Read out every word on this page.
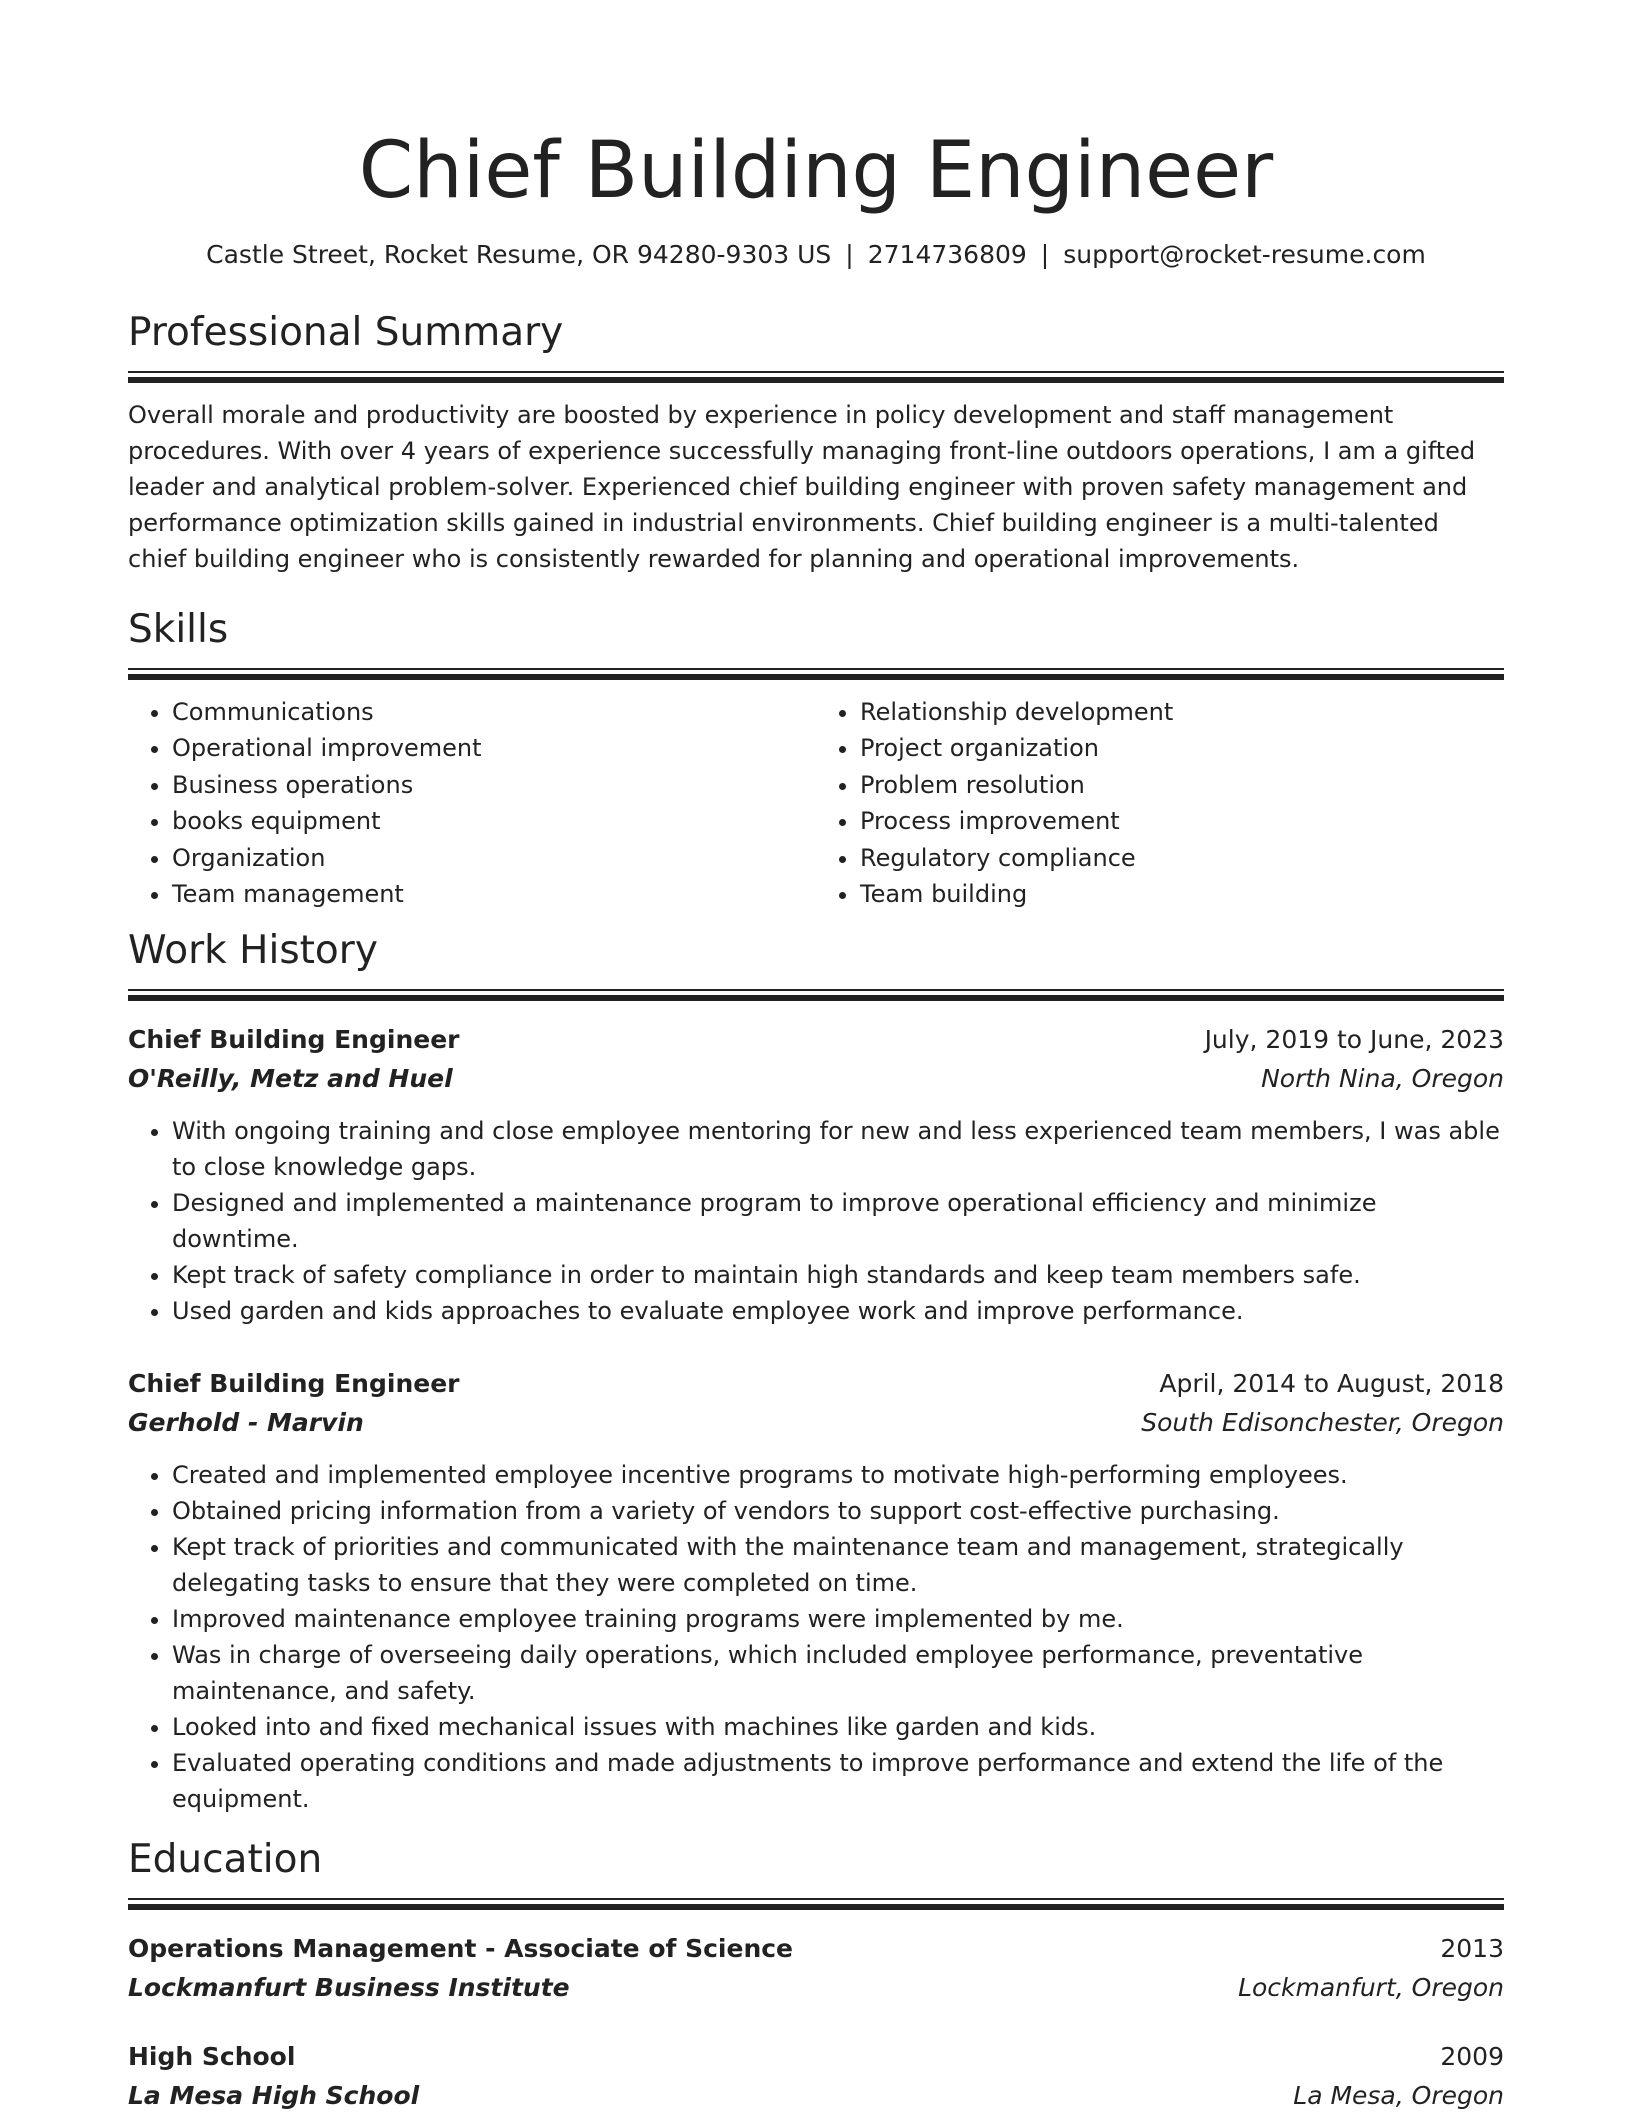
Chief Building Engineer
Castle Street, Rocket Resume, OR 94280-9303 US | 2714736809 | support@rocket-resume.com
Professional Summary

Overall morale and productivity are boosted by experience in policy development and staff management procedures. With over 4 years of experience successfully managing front-line outdoors operations, I am a gifted leader and analytical problem-solver. Experienced chief building engineer with proven safety management and performance optimization skills gained in industrial environments. Chief building engineer is a multi-talented chief building engineer who is consistently rewarded for planning and operational improvements.

Skills
• Communications
• Operational improvement
• Business operations
• books equipment
• Organization
• Team management
• Relationship development
• Project organization
• Problem resolution
• Process improvement
• Regulatory compliance
• Team building
Work History
Chief Building Engineer	July, 2019 to June, 2023
O'Reilly, Metz and Huel	North Nina, Oregon
• With ongoing training and close employee mentoring for new and less experienced team members, I was able to close knowledge gaps.
• Designed and implemented a maintenance program to improve operational efficiency and minimize downtime.
• Kept track of safety compliance in order to maintain high standards and keep team members safe.
• Used garden and kids approaches to evaluate employee work and improve performance.
Chief Building Engineer	April, 2014 to August, 2018
Gerhold - Marvin	South Edisonchester, Oregon
• Created and implemented employee incentive programs to motivate high-performing employees.
• Obtained pricing information from a variety of vendors to support cost-effective purchasing.
• Kept track of priorities and communicated with the maintenance team and management, strategically delegating tasks to ensure that they were completed on time.
• Improved maintenance employee training programs were implemented by me.
• Was in charge of overseeing daily operations, which included employee performance, preventative maintenance, and safety.
• Looked into and fixed mechanical issues with machines like garden and kids.
• Evaluated operating conditions and made adjustments to improve performance and extend the life of the equipment.
Education
Operations Management - Associate of Science	2013
Lockmanfurt Business Institute	Lockmanfurt, Oregon
High School	2009
La Mesa High School	La Mesa, Oregon
